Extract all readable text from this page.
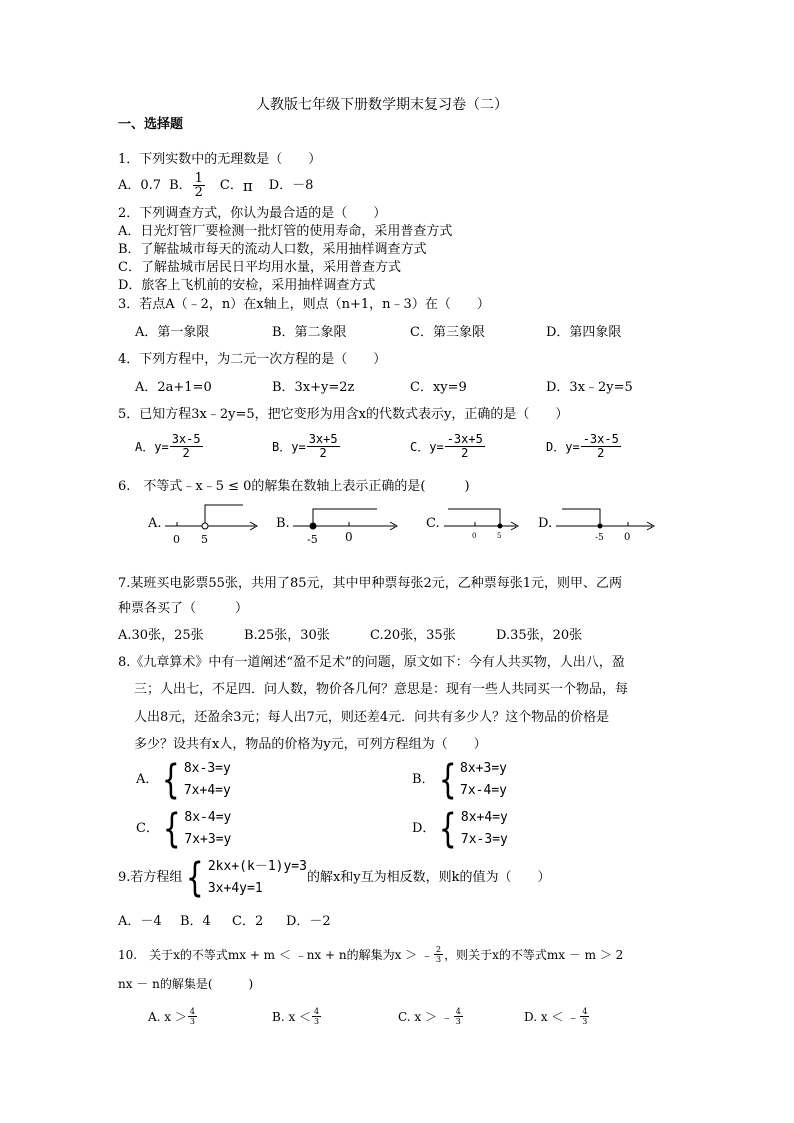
人教版七年级下册数学期末复习卷（二）
一、选择题
1．下列实数中的无理数是（　　）
A．0.7 B． $\frac{1}{2}$ C． π D．－8
2．下列调查方式，你认为最合适的是（　　）
A．日光灯管厂要检测一批灯管的使用寿命，采用普查方式
B．了解盐城市每天的流动人口数，采用抽样调查方式
C．了解盐城市居民日平均用水量，采用普查方式
D．旅客上飞机前的安检，采用抽样调查方式
3．若点A（﹣2，n）在x轴上，则点（n+1，n﹣3）在（　　）
A．第一象限	B．第二象限	C．第三象限	D．第四象限
4．下列方程中，为二元一次方程的是（　　）
A．2a+1=0	B．3x+y=2z	C．xy=9	D．3x﹣2y=5
5．已知方程3x﹣2y=5，把它变形为用含x的代数式表示y，正确的是（　　）
A．$y= \frac{3x-5}{2}$	B．$y= \frac{3x+5}{2}$	C．$y= \frac{-3x+5}{2}$	D．$y= \frac{-3x-5}{2}$
6.　不等式﹣x﹣5 ≤ 0的解集在数轴上表示正确的是(　　　)
A.
0 5
B.
-5 0
C.
0	5
D.
-5 0
7.某班买电影票55张，共用了85元，其中甲种票每张2元，乙种票每张1元，则甲、乙两
种票各买了（　　　）
A.30张，25张	B.25张，30张	C.20张，35张	D.35张，20张
8.《九章算术》中有一道阐述“盈不足术”的问题，原文如下：今有人共买物，人出八，盈
三；人出七，不足四．问人数，物价各几何？意思是：现有一些人共同买一个物品，每
人出8元，还盈余3元；每人出7元，则还差4元．问共有多少人？这个物品的价格是
多少？设共有x人，物品的价格为y元，可列方程组为（　　）
A． { 8x-3=y
7x+4=y
B． { 8x+3=y
7x-4=y
C． { 8x-4=y
7x+3=y
D． { 8x+4=y
7x-3=y
9.若方程组 { 2kx+(k－1)y=3
3x+4y=1
的解x和y互为相反数，则k的值为（　　）
A．－4 B．4 C．2 D．－2
10.　关于x的不等式mx + m ＜ ﹣nx + n的解集为x ＞ ﹣ $\frac{2}{3}$ ，则关于x的不等式mx － m ＞ 2
nx － n的解集是(　　　)
A. $x > \frac{4}{3}$	B. $x < \frac{4}{3}$	C. x ＞ ﹣ $\frac{4}{3}$	D. x ＜ ﹣ $\frac{4}{3}$
